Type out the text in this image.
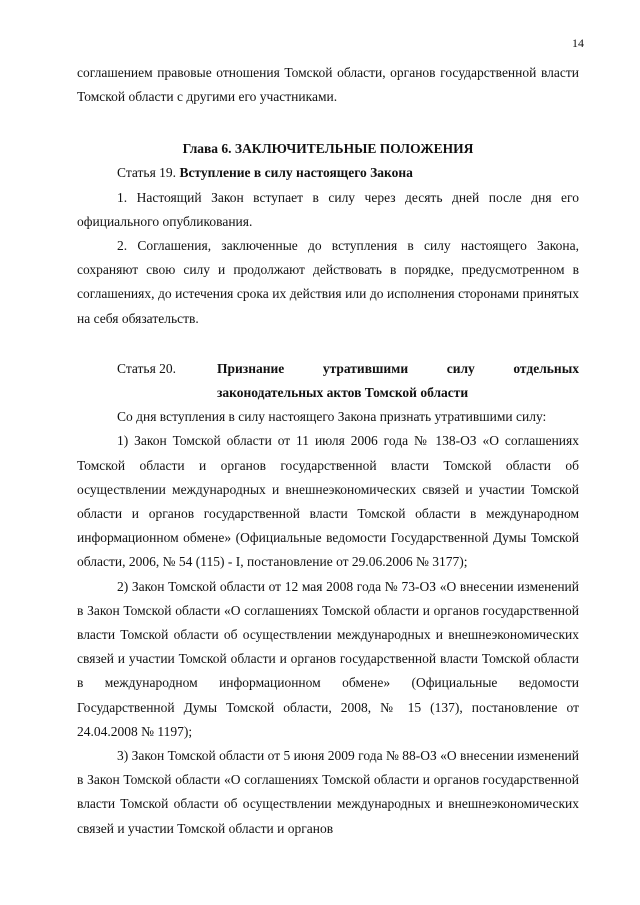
14

соглашением правовые отношения Томской области, органов государственной власти Томской области с другими его участниками.

Глава 6. ЗАКЛЮЧИТЕЛЬНЫЕ ПОЛОЖЕНИЯ

Статья 19. Вступление в силу настоящего Закона

1. Настоящий Закон вступает в силу через десять дней после дня его официального опубликования.

2. Соглашения, заключенные до вступления в силу настоящего Закона, сохраняют свою силу и продолжают действовать в порядке, предусмотренном в соглашениях, до истечения срока их действия или до исполнения сторонами принятых на себя обязательств.

Статья 20.	Признание утратившими силу отдельных законодательных актов Томской области

Со дня вступления в силу настоящего Закона признать утратившими силу:

1) Закон Томской области от 11 июля 2006 года № 138-ОЗ «О соглашениях Томской области и органов государственной власти Томской области об осуществлении международных и внешнеэкономических связей и участии Томской области и органов государственной власти Томской области в международном информационном обмене» (Официальные ведомости Государственной Думы Томской области, 2006, № 54 (115) - I, постановление от 29.06.2006 № 3177);

2) Закон Томской области от 12 мая 2008 года № 73-ОЗ «О внесении изменений в Закон Томской области «О соглашениях Томской области и органов государственной власти Томской области об осуществлении международных и внешнеэкономических связей и участии Томской области и органов государственной власти Томской области в международном информационном обмене» (Официальные ведомости Государственной Думы Томской области, 2008, № 15 (137), постановление от 24.04.2008 № 1197);

3) Закон Томской области от 5 июня 2009 года № 88-ОЗ «О внесении изменений в Закон Томской области «О соглашениях Томской области и органов государственной власти Томской области об осуществлении международных и внешнеэкономических связей и участии Томской области и органов
